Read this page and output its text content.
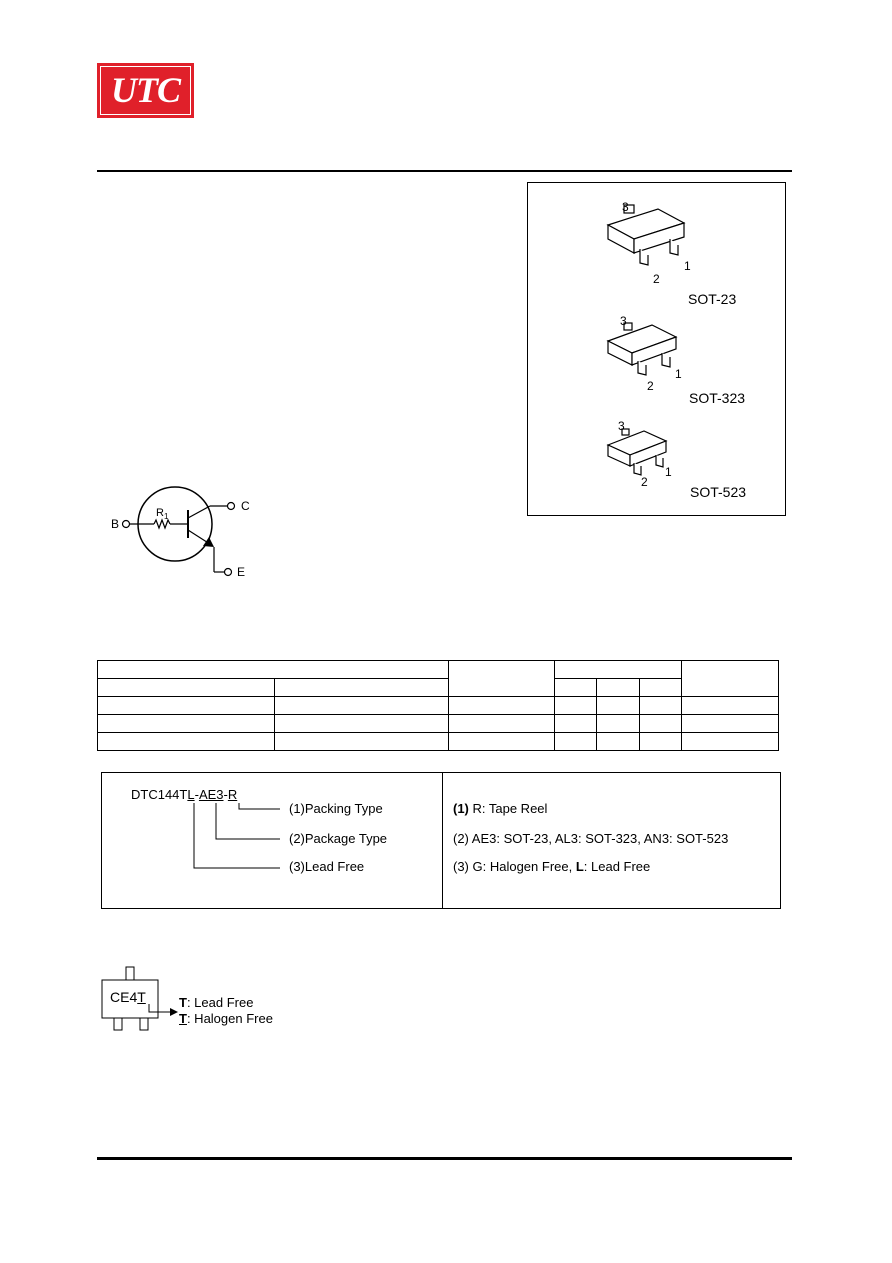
UTC
3
2
1
SOT-23
3
2
1
SOT-323
3
2
1
SOT-523
B
C
E
$R_1$

DTC144TL-AE3-R
(1)Packing Type
(2)Package Type
(3)Lead Free
(1) R: Tape Reel
(2) AE3: SOT-23, AL3: SOT-323, AN3: SOT-523
(3) G: Halogen Free, L: Lead Free
CE4T	T: Lead Free
T: Halogen Free
